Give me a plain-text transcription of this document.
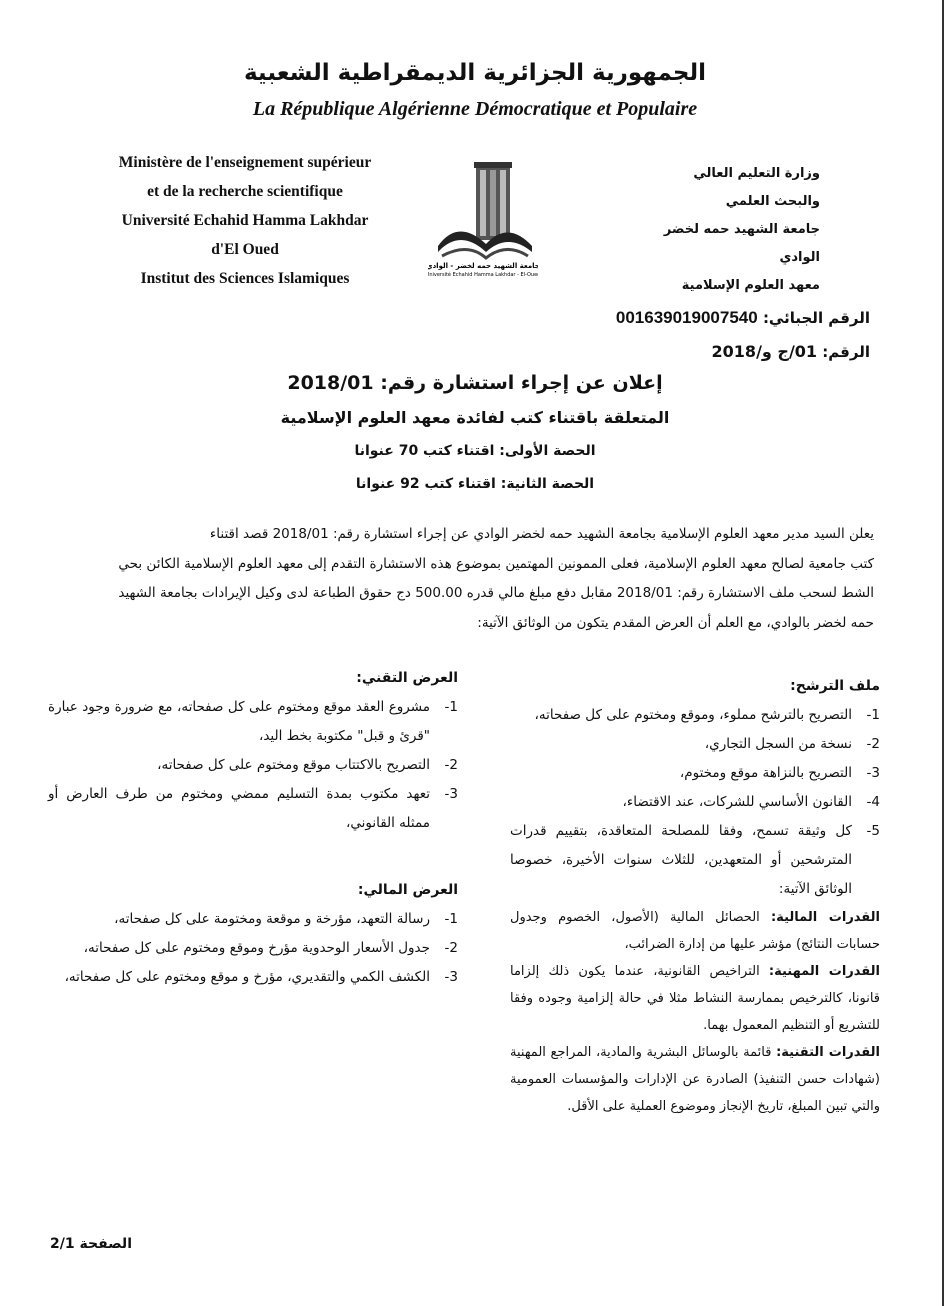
الجمهورية الجزائرية الديمقراطية الشعبية
La République Algérienne Démocratique et Populaire
Ministère de l'enseignement supérieur
et de la recherche scientifique
Université Echahid Hamma Lakhdar
d'El Oued
Institut des Sciences Islamiques
جامعة الشهيد حمه لخضر - الوادي
Université Echahid Hamma Lakhdar - El-Oued
وزارة التعليم العالي
والبحث العلمي
جامعة الشهيد حمه لخضر
الوادي
معهد العلوم الإسلامية
الرقم الجبائي: 001639019007540
الرقم: 01/ج و/2018
إعلان عن إجراء استشارة رقم: 2018/01
المتعلقة باقتناء كتب لفائدة معهد العلوم الإسلامية
الحصة الأولى: اقتناء كتب 70 عنوانا
الحصة الثانية: اقتناء كتب 92 عنوانا
يعلن السيد مدير معهد العلوم الإسلامية بجامعة الشهيد حمه لخضر الوادي عن إجراء استشارة رقم: 2018/01 قصد اقتناء
كتب جامعية لصالح معهد العلوم الإسلامية، فعلى الممونين المهتمين بموضوع هذه الاستشارة التقدم إلى معهد العلوم الإسلامية الكائن بحي
الشط لسحب ملف الاستشارة رقم: 2018/01 مقابل دفع مبلغ مالي قدره 500.00 دج حقوق الطباعة لدى وكيل الإيرادات بجامعة الشهيد
حمه لخضر بالوادي، مع العلم أن العرض المقدم يتكون من الوثائق الآتية:
ملف الترشح:
1-
التصريح بالترشح مملوء، وموقع ومختوم على كل صفحاته،
2-
نسخة من السجل التجاري،
3-
التصريح بالنزاهة موقع ومختوم،
4-
القانون الأساسي للشركات، عند الاقتضاء،
5-
كل وثيقة تسمح، وفقا للمصلحة المتعاقدة، بتقييم قدرات المترشحين أو المتعهدين، للثلاث سنوات الأخيرة، خصوصا الوثائق الآتية:
القدرات المالية: الحصائل المالية (الأصول، الخصوم وجدول حسابات النتائج) مؤشر عليها من إدارة الضرائب،
القدرات المهنية: التراخيص القانونية، عندما يكون ذلك إلزاما قانونا، كالترخيص بممارسة النشاط مثلا في حالة إلزامية وجوده وفقا للتشريع أو التنظيم المعمول بهما.
القدرات التقنية: قائمة بالوسائل البشرية والمادية، المراجع المهنية (شهادات حسن التنفيذ) الصادرة عن الإدارات والمؤسسات العمومية والتي تبين المبلغ، تاريخ الإنجاز وموضوع العملية على الأقل.
العرض التقني:
1-
مشروع العقد موقع ومختوم على كل صفحاته، مع ضرورة وجود عبارة "قرئ و قبل" مكتوبة بخط اليد،
2-
التصريح بالاكتتاب موقع ومختوم على كل صفحاته،
3-
تعهد مكتوب بمدة التسليم ممضي ومختوم من طرف العارض أو ممثله القانوني،
العرض المالي:
1-
رسالة التعهد، مؤرخة و موقعة ومختومة على كل صفحاته،
2-
جدول الأسعار الوحدوية مؤرخ وموقع ومختوم على كل صفحاته،
3-
الكشف الكمي والتقديري، مؤرخ و موقع ومختوم على كل صفحاته،
الصفحة 2/1
